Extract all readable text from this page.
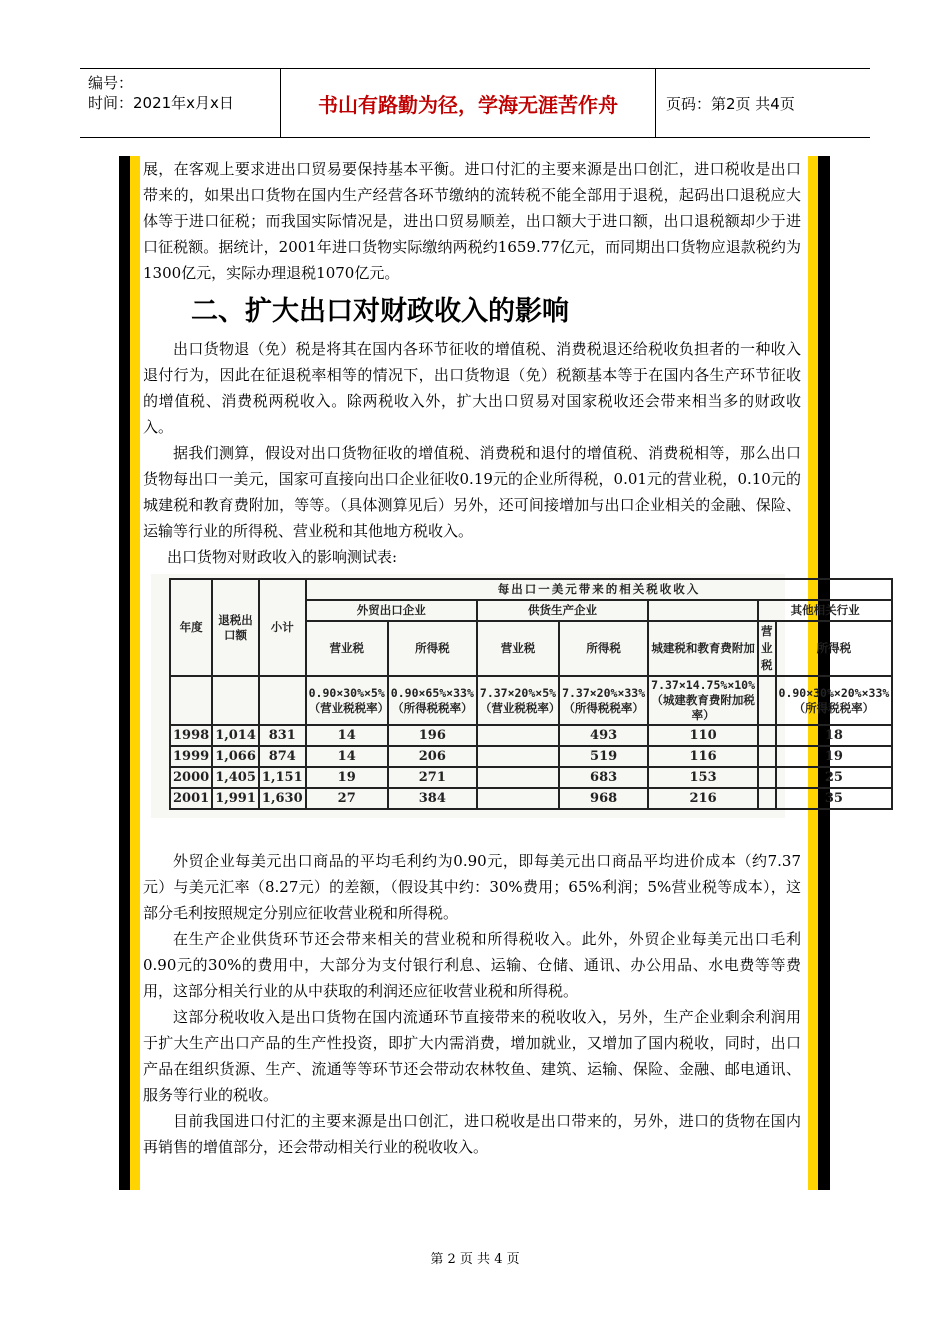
编号：
时间：2021年x月x日	书山有路勤为径，学海无涯苦作舟	页码：第2页 共4页

展，在客观上要求进出口贸易要保持基本平衡。进口付汇的主要来源是出口创汇，进口税收是出口带来的，如果出口货物在国内生产经营各环节缴纳的流转税不能全部用于退税，起码出口退税应大体等于进口征税；而我国实际情况是，进出口贸易顺差，出口额大于进口额，出口退税额却少于进口征税额。据统计，2001年进口货物实际缴纳两税约1659.77亿元，而同期出口货物应退款税约为1300亿元，实际办理退税1070亿元。

二、扩大出口对财政收入的影响

出口货物退（免）税是将其在国内各环节征收的增值税、消费税退还给税收负担者的一种收入退付行为，因此在征退税率相等的情况下，出口货物退（免）税额基本等于在国内各生产环节征收的增值税、消费税两税收入。除两税收入外，扩大出口贸易对国家税收还会带来相当多的财政收入。

据我们测算，假设对出口货物征收的增值税、消费税和退付的增值税、消费税相等，那么出口货物每出口一美元，国家可直接向出口企业征收0.19元的企业所得税，0.01元的营业税，0.10元的城建税和教育费附加，等等。（具体测算见后）另外，还可间接增加与出口企业相关的金融、保险、运输等行业的所得税、营业税和其他地方税收入。

出口货物对财政收入的影响测试表:
年度	退税出口额	小计	每出口一美元带来的相关税收收入						
			外贸出口企业		供货生产企业			其他相关行业	
			营业税	所得税	营业税	所得税	城建税和教育费附加	营业税	所得税
			0.90×30%×5%（营业税税率）	0.90×65%×33%（所得税税率）	7.37×20%×5%（营业税税率）	7.37×20%×33%（所得税税率）	7.37×14.75%×10%（城建教育费附加税率）		0.90×30%×20%×33%（所得税税率）
1998	1,014	831	14	196		493	110		18
1999	1,066	874	14	206		519	116		19
2000	1,405	1,151	19	271		683	153		25
2001	1,991	1,630	27	384		968	216		35

外贸企业每美元出口商品的平均毛利约为0.90元，即每美元出口商品平均进价成本（约7.37元）与美元汇率（8.27元）的差额，（假设其中约：30%费用；65%利润；5%营业税等成本），这部分毛利按照规定分别应征收营业税和所得税。

在生产企业供货环节还会带来相关的营业税和所得税收入。此外，外贸企业每美元出口毛利0.90元的30%的费用中，大部分为支付银行利息、运输、仓储、通讯、办公用品、水电费等等费用，这部分相关行业的从中获取的利润还应征收营业税和所得税。

这部分税收收入是出口货物在国内流通环节直接带来的税收收入，另外，生产企业剩余利润用于扩大生产出口产品的生产性投资，即扩大内需消费，增加就业，又增加了国内税收，同时，出口产品在组织货源、生产、流通等等环节还会带动农林牧鱼、建筑、运输、保险、金融、邮电通讯、服务等行业的税收。

目前我国进口付汇的主要来源是出口创汇，进口税收是出口带来的，另外，进口的货物在国内再销售的增值部分，还会带动相关行业的税收收入。

第 2 页 共 4 页
